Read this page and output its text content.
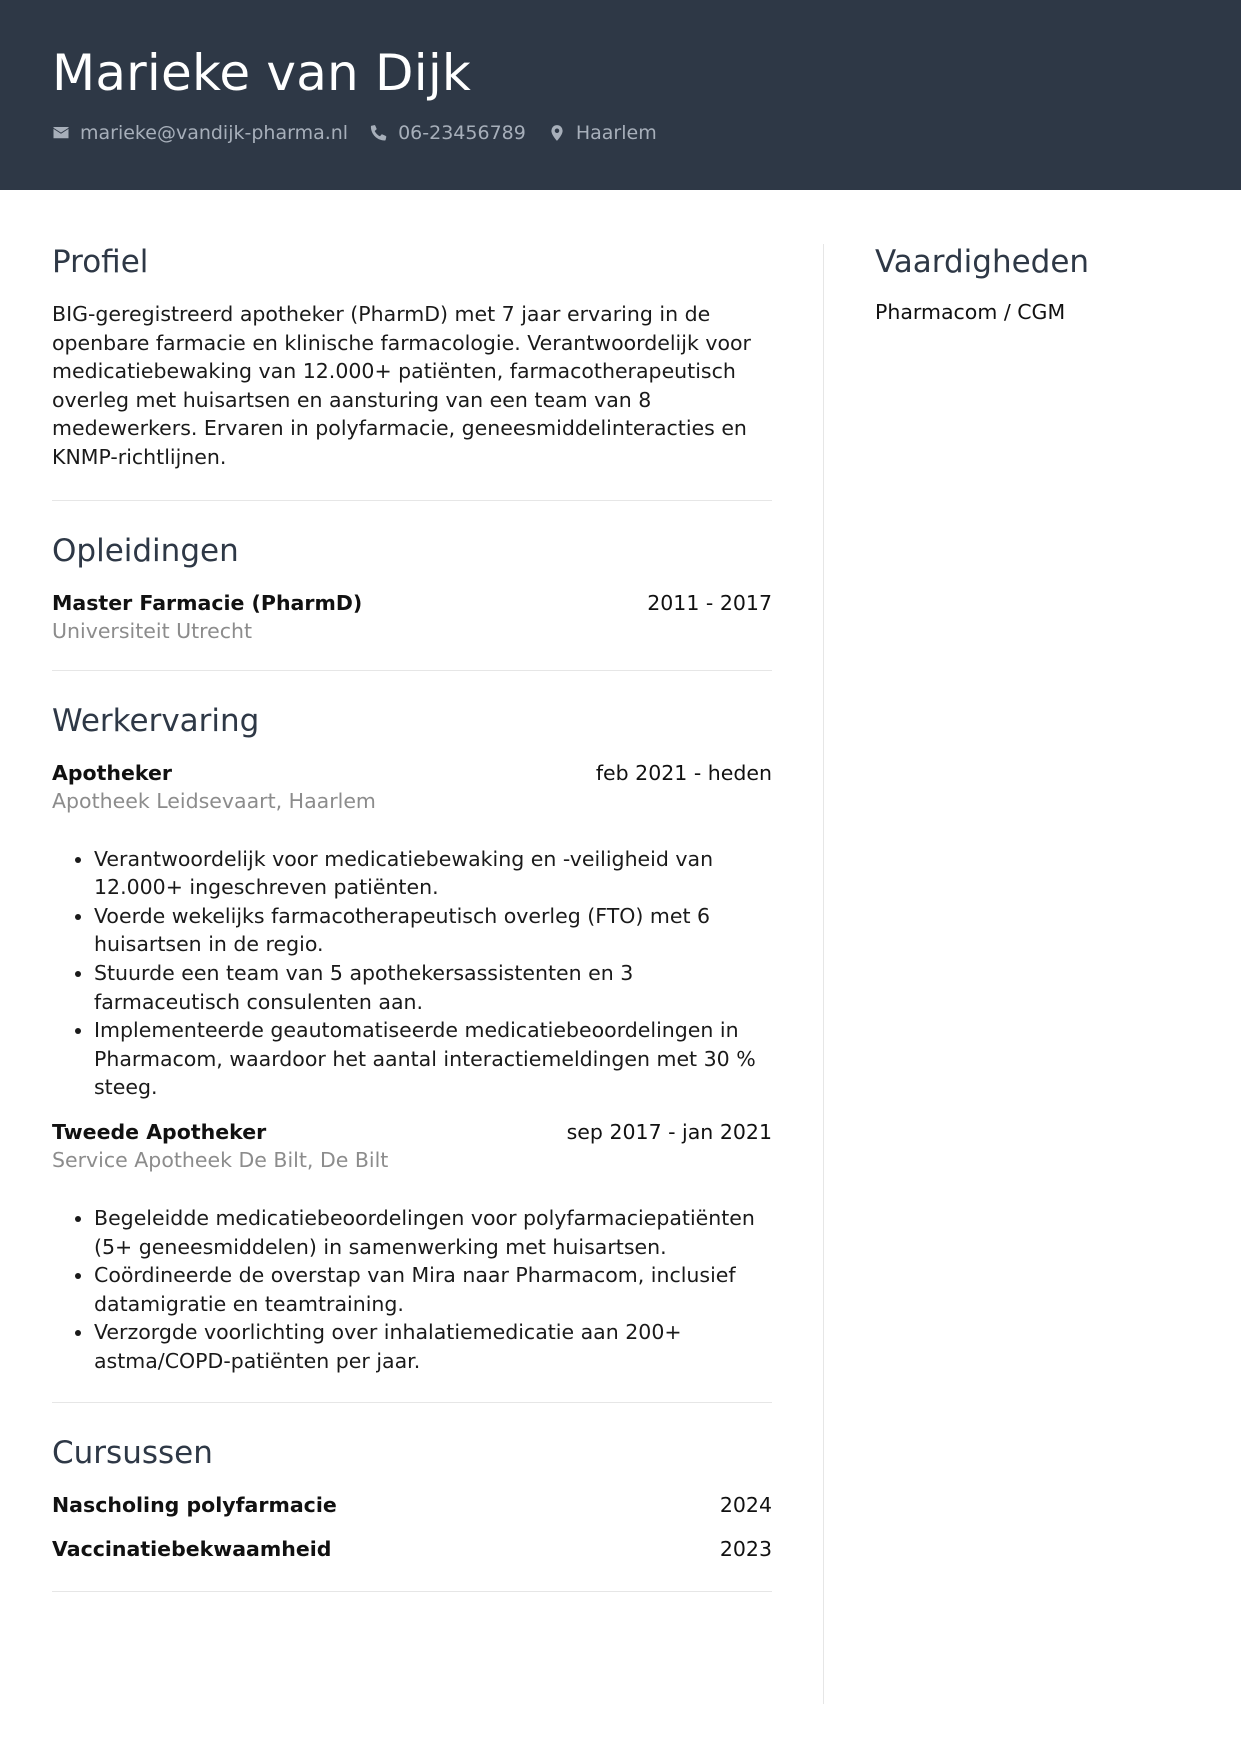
Marieke van Dijk
marieke@vandijk-pharma.nl	06-23456789	Haarlem
Profiel
BIG-geregistreerd apotheker (PharmD) met 7 jaar ervaring in de openbare farmacie en klinische farmacologie. Verantwoordelijk voor medicatiebewaking van 12.000+ patiënten, farmacotherapeutisch overleg met huisartsen en aansturing van een team van 8 medewerkers. Ervaren in polyfarmacie, geneesmiddelinteracties en KNMP-richtlijnen.
Opleidingen
Master Farmacie (PharmD)	2011 - 2017
Universiteit Utrecht
Werkervaring
Apotheker	feb 2021 - heden
Apotheek Leidsevaart, Haarlem
• Verantwoordelijk voor medicatiebewaking en -veiligheid van 12.000+ ingeschreven patiënten.
• Voerde wekelijks farmacotherapeutisch overleg (FTO) met 6 huisartsen in de regio.
• Stuurde een team van 5 apothekersassistenten en 3 farmaceutisch consulenten aan.
• Implementeerde geautomatiseerde medicatiebeoordelingen in Pharmacom, waardoor het aantal interactiemeldingen met 30 % steeg.
Tweede Apotheker	sep 2017 - jan 2021
Service Apotheek De Bilt, De Bilt
• Begeleidde medicatiebeoordelingen voor polyfarmaciepatiënten (5+ geneesmiddelen) in samenwerking met huisartsen.
• Coördineerde de overstap van Mira naar Pharmacom, inclusief datamigratie en teamtraining.
• Verzorgde voorlichting over inhalatiemedicatie aan 200+ astma/COPD-patiënten per jaar.
Cursussen
Nascholing polyfarmacie	2024
Vaccinatiebekwaamheid	2023
Vaardigheden
Pharmacom / CGM
